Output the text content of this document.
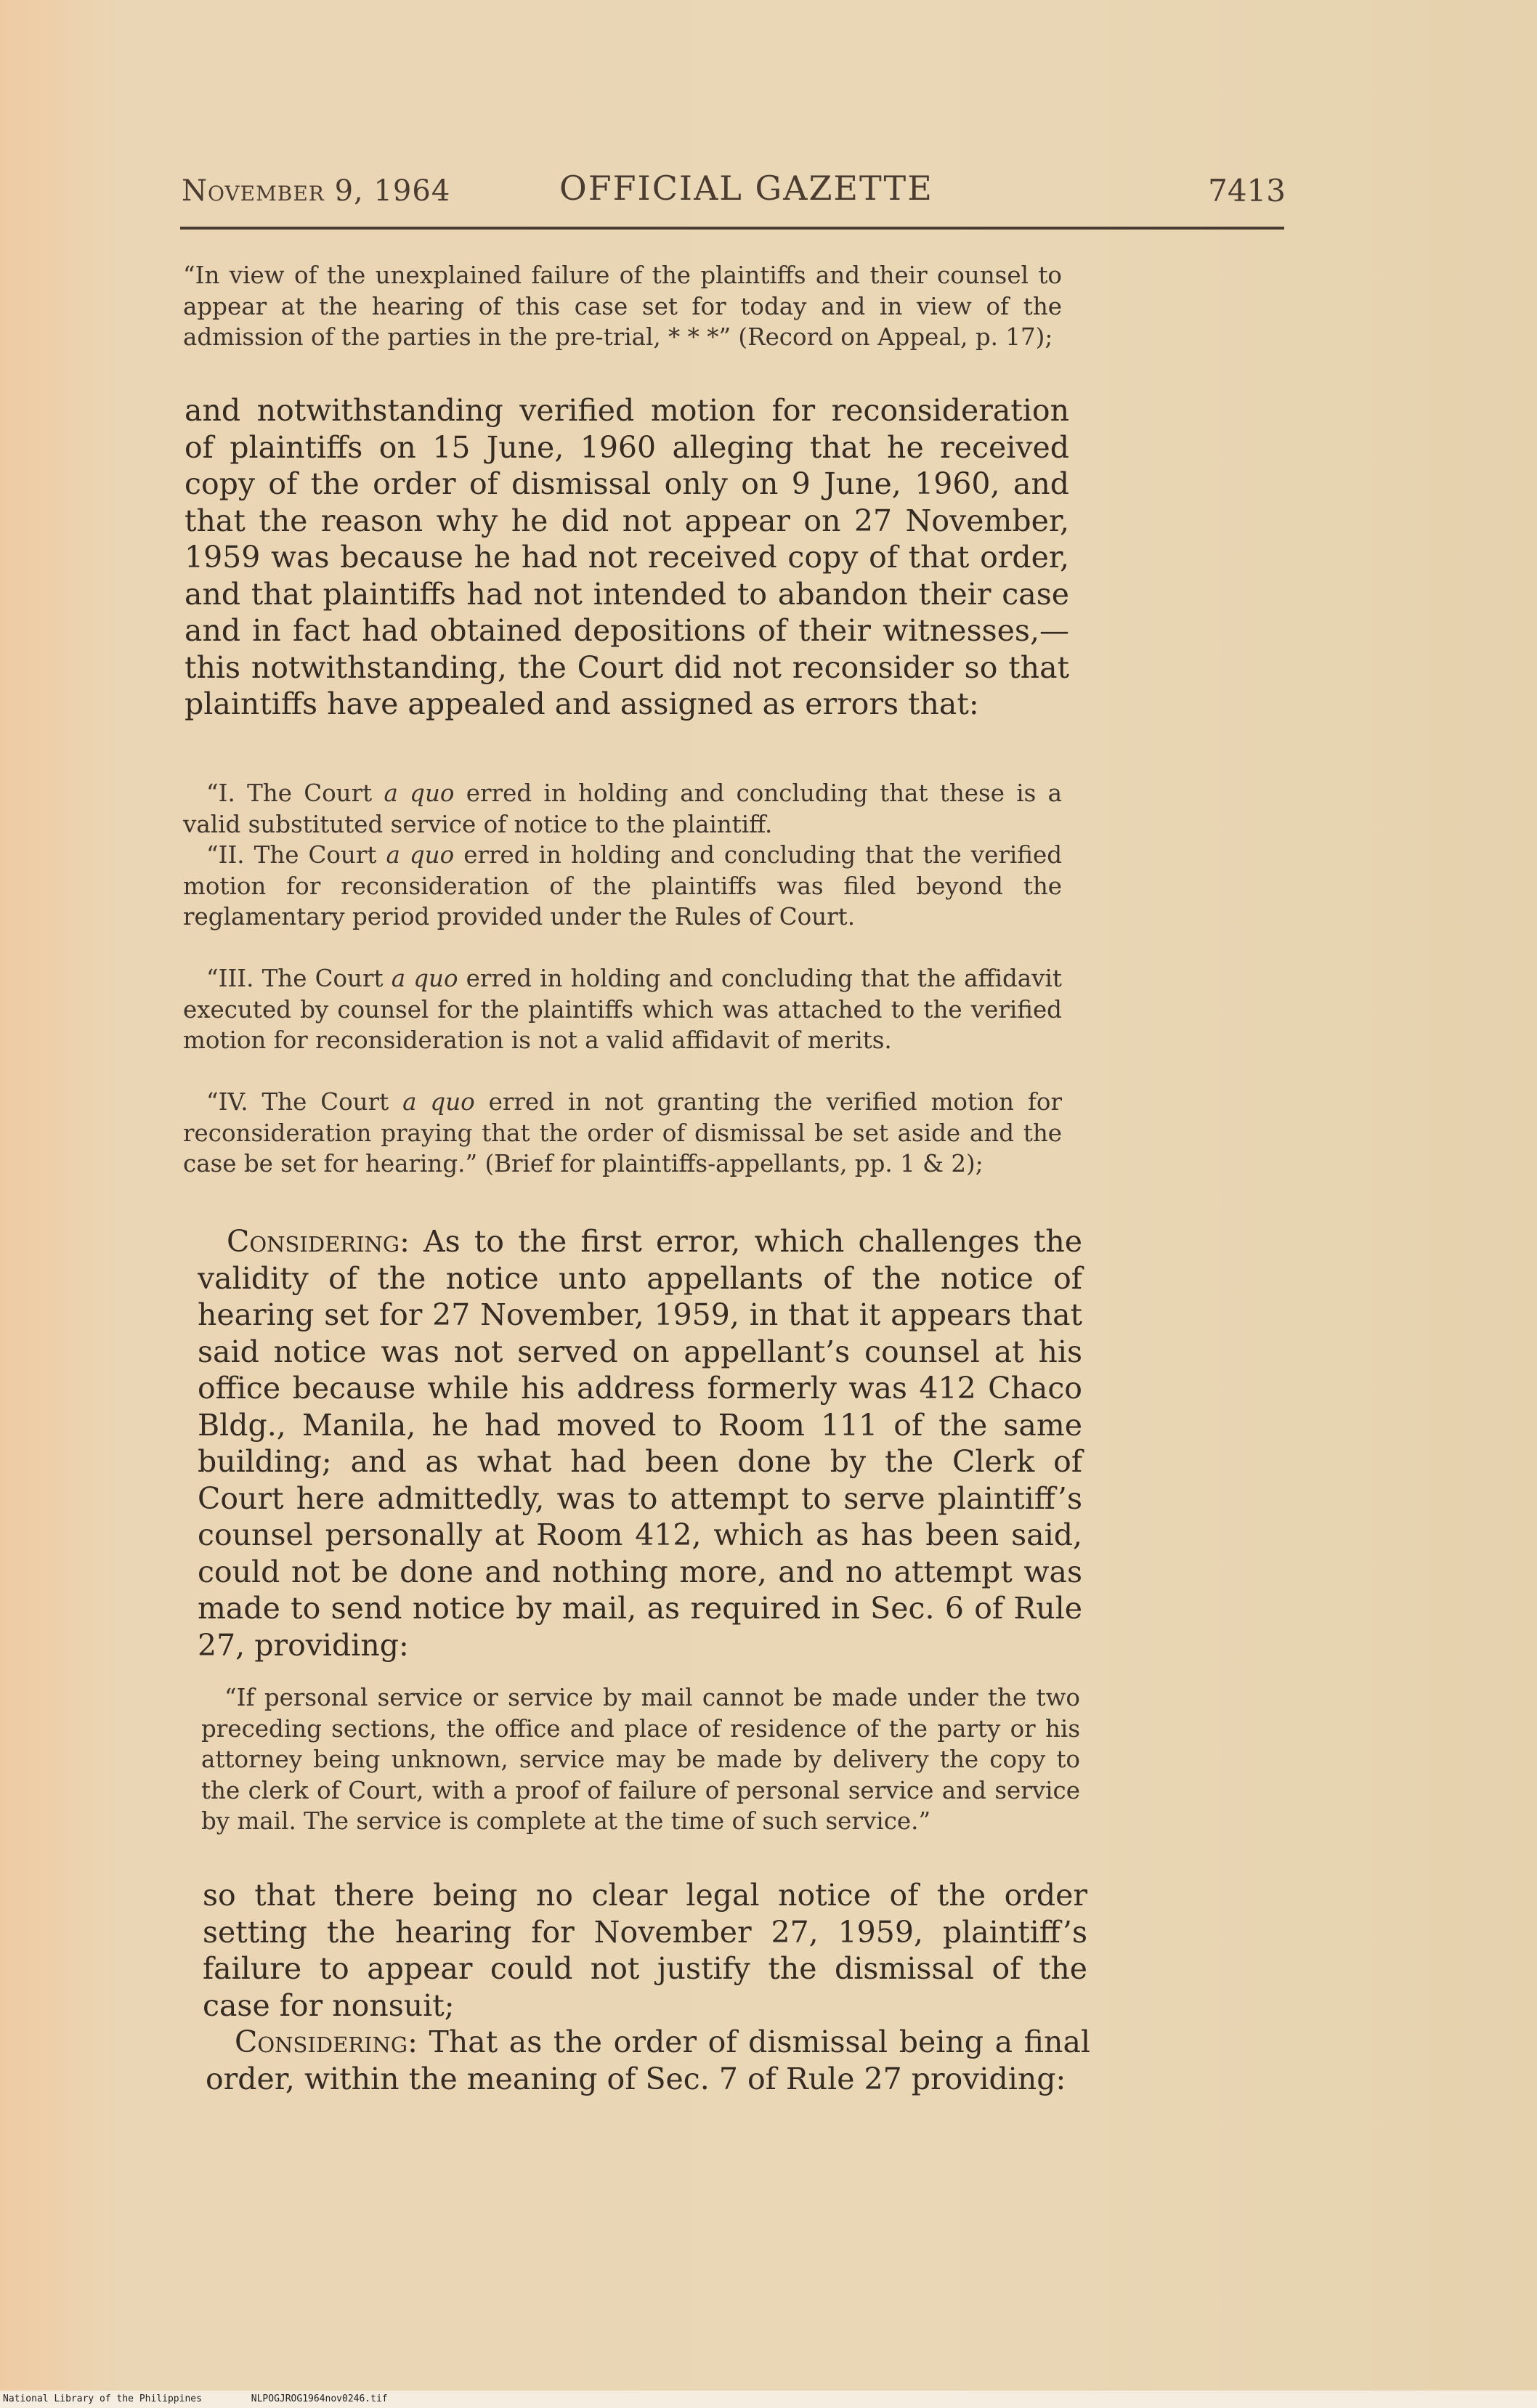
November 9, 1964	OFFICIAL GAZETTE	7413

“In view of the unexplained failure of the plaintiffs and their counsel to appear at the hearing of this case set for today and in view of the admission of the parties in the pre-trial, * * *” (Record on Appeal, p. 17);

and notwithstanding verified motion for reconsideration of plaintiffs on 15 June, 1960 alleging that he received copy of the order of dismissal only on 9 June, 1960, and that the reason why he did not appear on 27 November, 1959 was because he had not received copy of that order, and that plaintiffs had not intended to abandon their case and in fact had obtained depositions of their witnesses,—this notwithstanding, the Court did not reconsider so that plaintiffs have appealed and assigned as errors that:

“I. The Court a quo erred in holding and concluding that these is a valid substituted service of notice to the plaintiff.

“II. The Court a quo erred in holding and concluding that the verified motion for reconsideration of the plaintiffs was filed beyond the reglamentary period provided under the Rules of Court.

“III. The Court a quo erred in holding and concluding that the affidavit executed by counsel for the plaintiffs which was attached to the verified motion for reconsideration is not a valid affidavit of merits.

“IV. The Court a quo erred in not granting the verified motion for reconsideration praying that the order of dismissal be set aside and the case be set for hearing.” (Brief for plaintiffs-appellants, pp. 1 & 2);

Considering: As to the first error, which challenges the validity of the notice unto appellants of the notice of hearing set for 27 November, 1959, in that it appears that said notice was not served on appellant’s counsel at his office because while his address formerly was 412 Chaco Bldg., Manila, he had moved to Room 111 of the same building; and as what had been done by the Clerk of Court here admittedly, was to attempt to serve plaintiff’s counsel personally at Room 412, which as has been said, could not be done and nothing more, and no attempt was made to send notice by mail, as required in Sec. 6 of Rule 27, providing:

“If personal service or service by mail cannot be made under the two preceding sections, the office and place of residence of the party or his attorney being unknown, service may be made by delivery the copy to the clerk of Court, with a proof of failure of personal service and service by mail. The service is complete at the time of such service.”

so that there being no clear legal notice of the order setting the hearing for November 27, 1959, plaintiff’s failure to appear could not justify the dismissal of the case for nonsuit;

Considering: That as the order of dismissal being a final order, within the meaning of Sec. 7 of Rule 27 providing:

National Library of the Philippines	NLPOGJROG1964nov0246.tif
